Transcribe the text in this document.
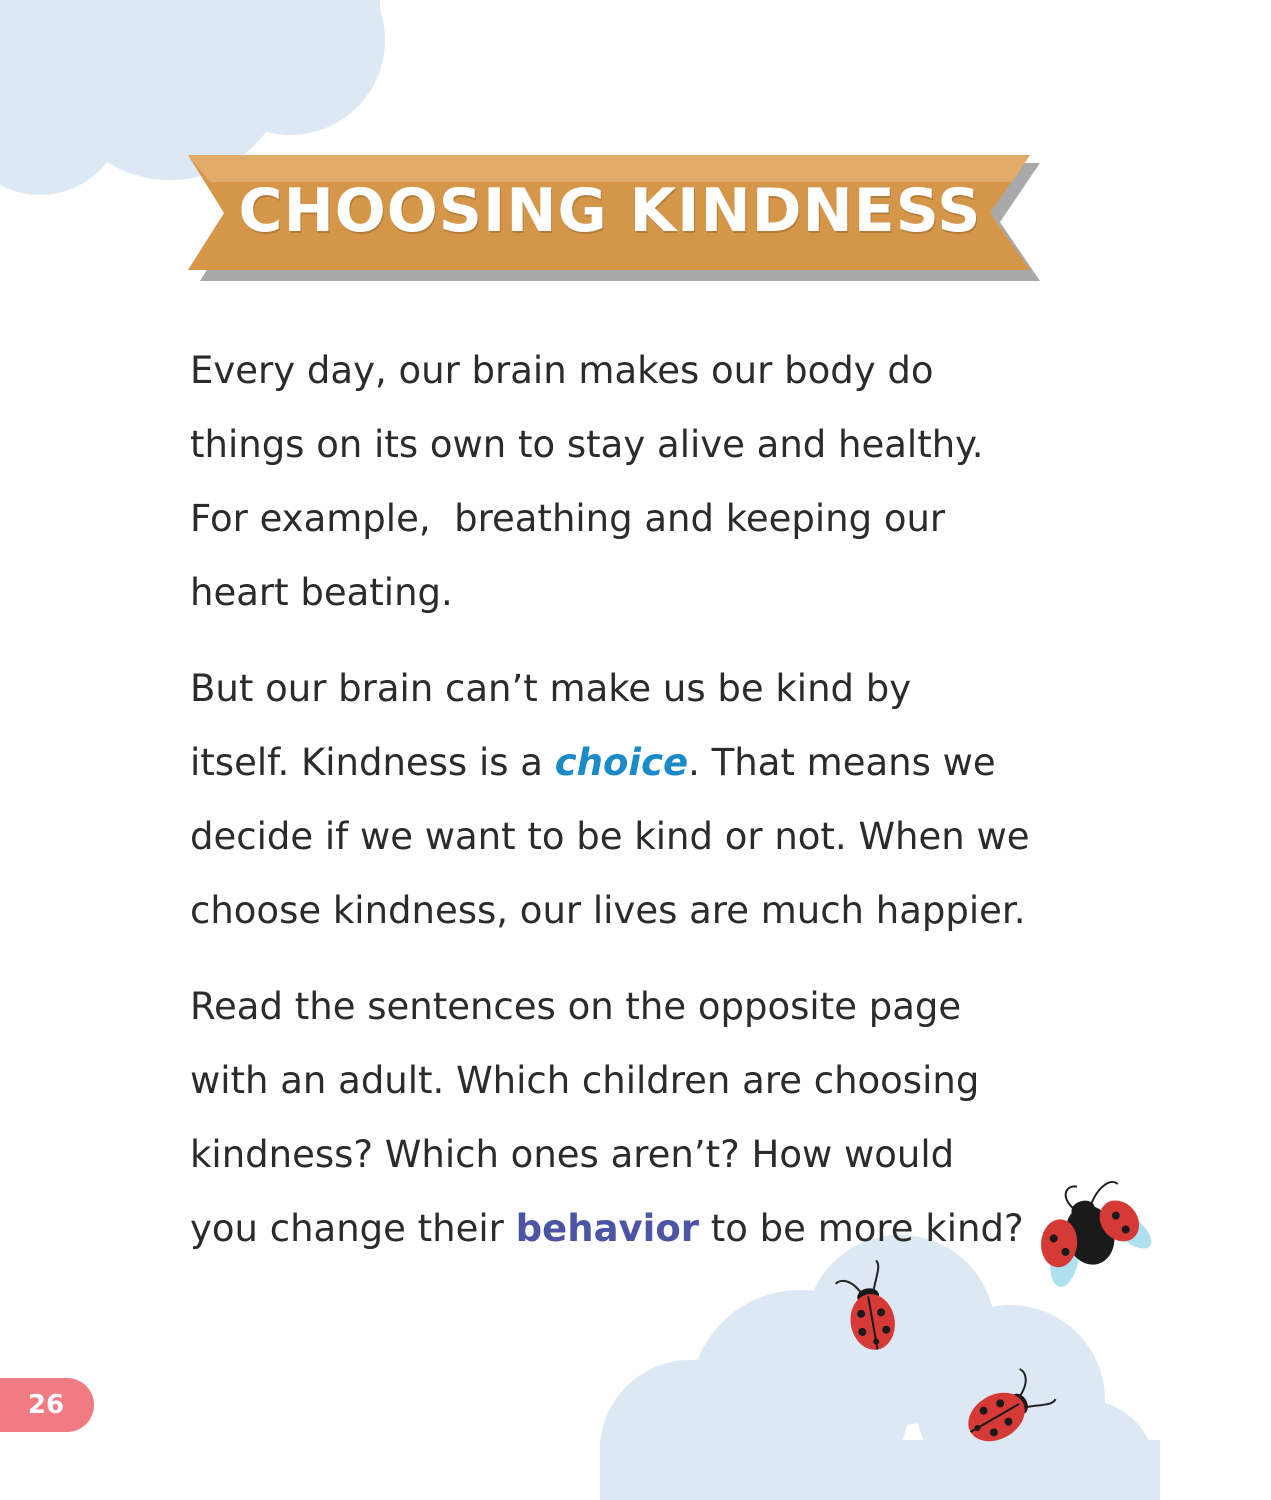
CHOOSING KINDNESS

Every day, our brain makes our body do
things on its own to stay alive and healthy.
For example,  breathing and keeping our
heart beating.

But our brain can’t make us be kind by
itself. Kindness is a choice. That means we
decide if we want to be kind or not. When we
choose kindness, our lives are much happier.

Read the sentences on the opposite page
with an adult. Which children are choosing
kindness? Which ones aren’t? How would
you change their behavior to be more kind?

26
